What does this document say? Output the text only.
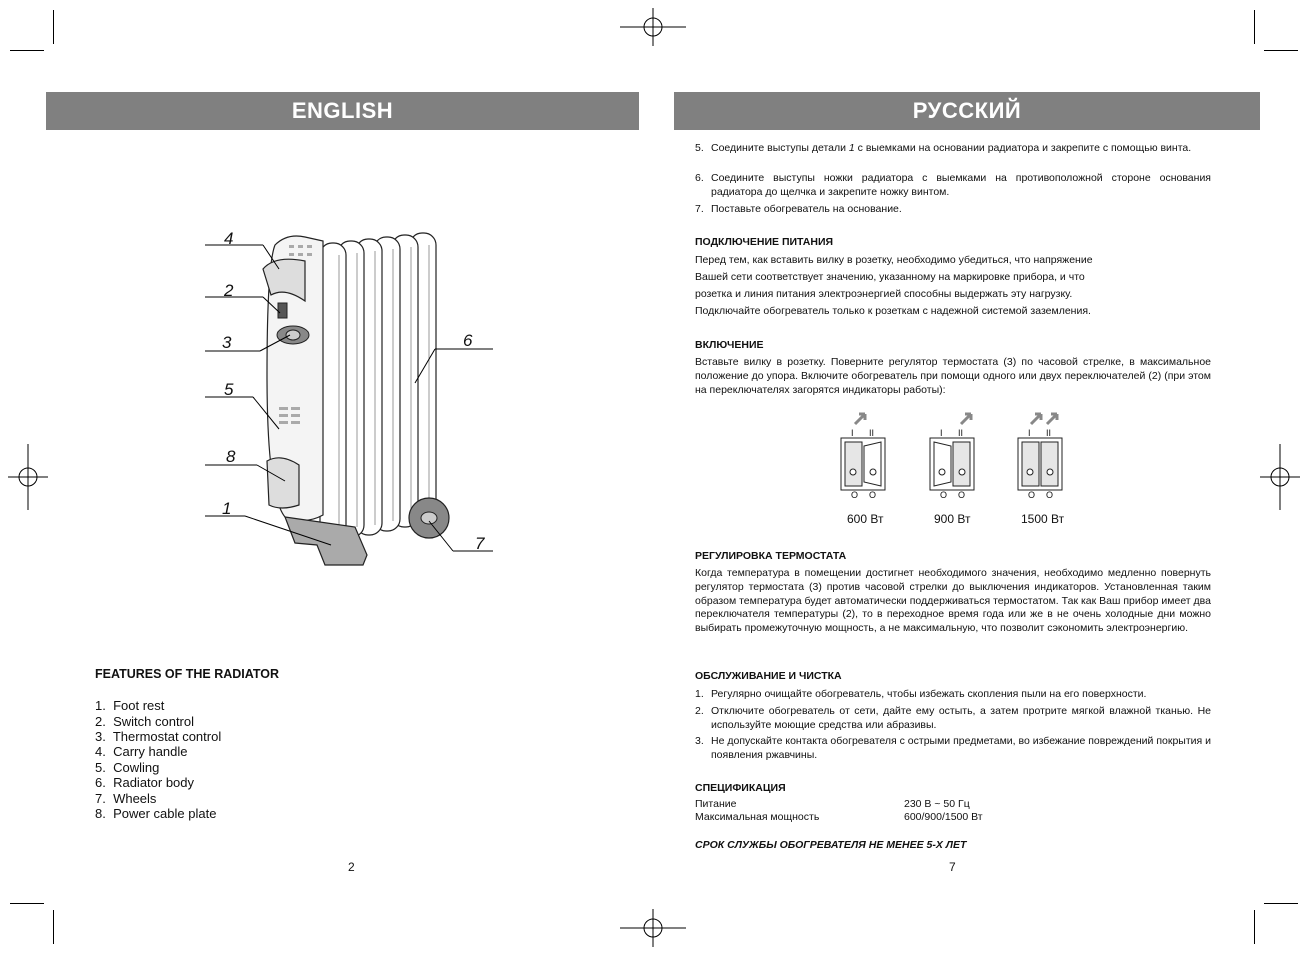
ENGLISH	РУССКИЙ
4
2
3
5
8
1
6
7
FEATURES OF THE RADIATOR
1. Foot rest
2. Switch control
3. Thermostat control
4. Carry handle
5. Cowling
6. Radiator body
7. Wheels
8. Power cable plate
2
5. Соедините выступы детали 1 с выемками на основании радиатора и закрепите с помощью винта.
6. Соедините выступы ножки радиатора с выемками на противоположной стороне основания радиатора до щелчка и закрепите ножку винтом.
7. Поставьте обогреватель на основание.
ПОДКЛЮЧЕНИЕ ПИТАНИЯ
Перед тем, как вставить вилку в розетку, необходимо убедиться, что напряжение
Вашей сети соответствует значению, указанному на маркировке прибора, и что
розетка и линия питания электроэнергией способны выдержать эту нагрузку.
Подключайте обогреватель только к розеткам с надежной системой заземления.
ВКЛЮЧЕНИЕ
Вставьте вилку в розетку. Поверните регулятор термостата (3) по часовой стрелке, в максимальное положение до упора. Включите обогреватель при помощи одного или двух переключателей (2) (при этом на переключателях загорятся индикаторы работы):
I II
O O
I II
O O
I II
O O
600 Вт	900 Вт	1500 Вт
РЕГУЛИРОВКА ТЕРМОСТАТА
Когда температура в помещении достигнет необходимого значения, необходимо медленно повернуть регулятор термостата (3) против часовой стрелки до выключения индикаторов. Установленная таким образом температура будет автоматически поддерживаться термостатом. Так как Ваш прибор имеет два переключателя температуры (2), то в переходное время года или же в не очень холодные дни можно выбирать промежуточную мощность, а не максимальную, что позволит сэкономить электроэнергию.
ОБСЛУЖИВАНИЕ И ЧИСТКА
1. Регулярно очищайте обогреватель, чтобы избежать скопления пыли на его поверхности.
2. Отключите обогреватель от сети, дайте ему остыть, а затем протрите мягкой влажной тканью. Не используйте моющие средства или абразивы.
3. Не допускайте контакта обогревателя с острыми предметами, во избежание повреждений покрытия и появления ржавчины.
СПЕЦИФИКАЦИЯ
Питание	230 В ~ 50 Гц
Максимальная мощность	600/900/1500 Вт
СРОК СЛУЖБЫ ОБОГРЕВАТЕЛЯ НЕ МЕНЕЕ 5-Х ЛЕТ
7
